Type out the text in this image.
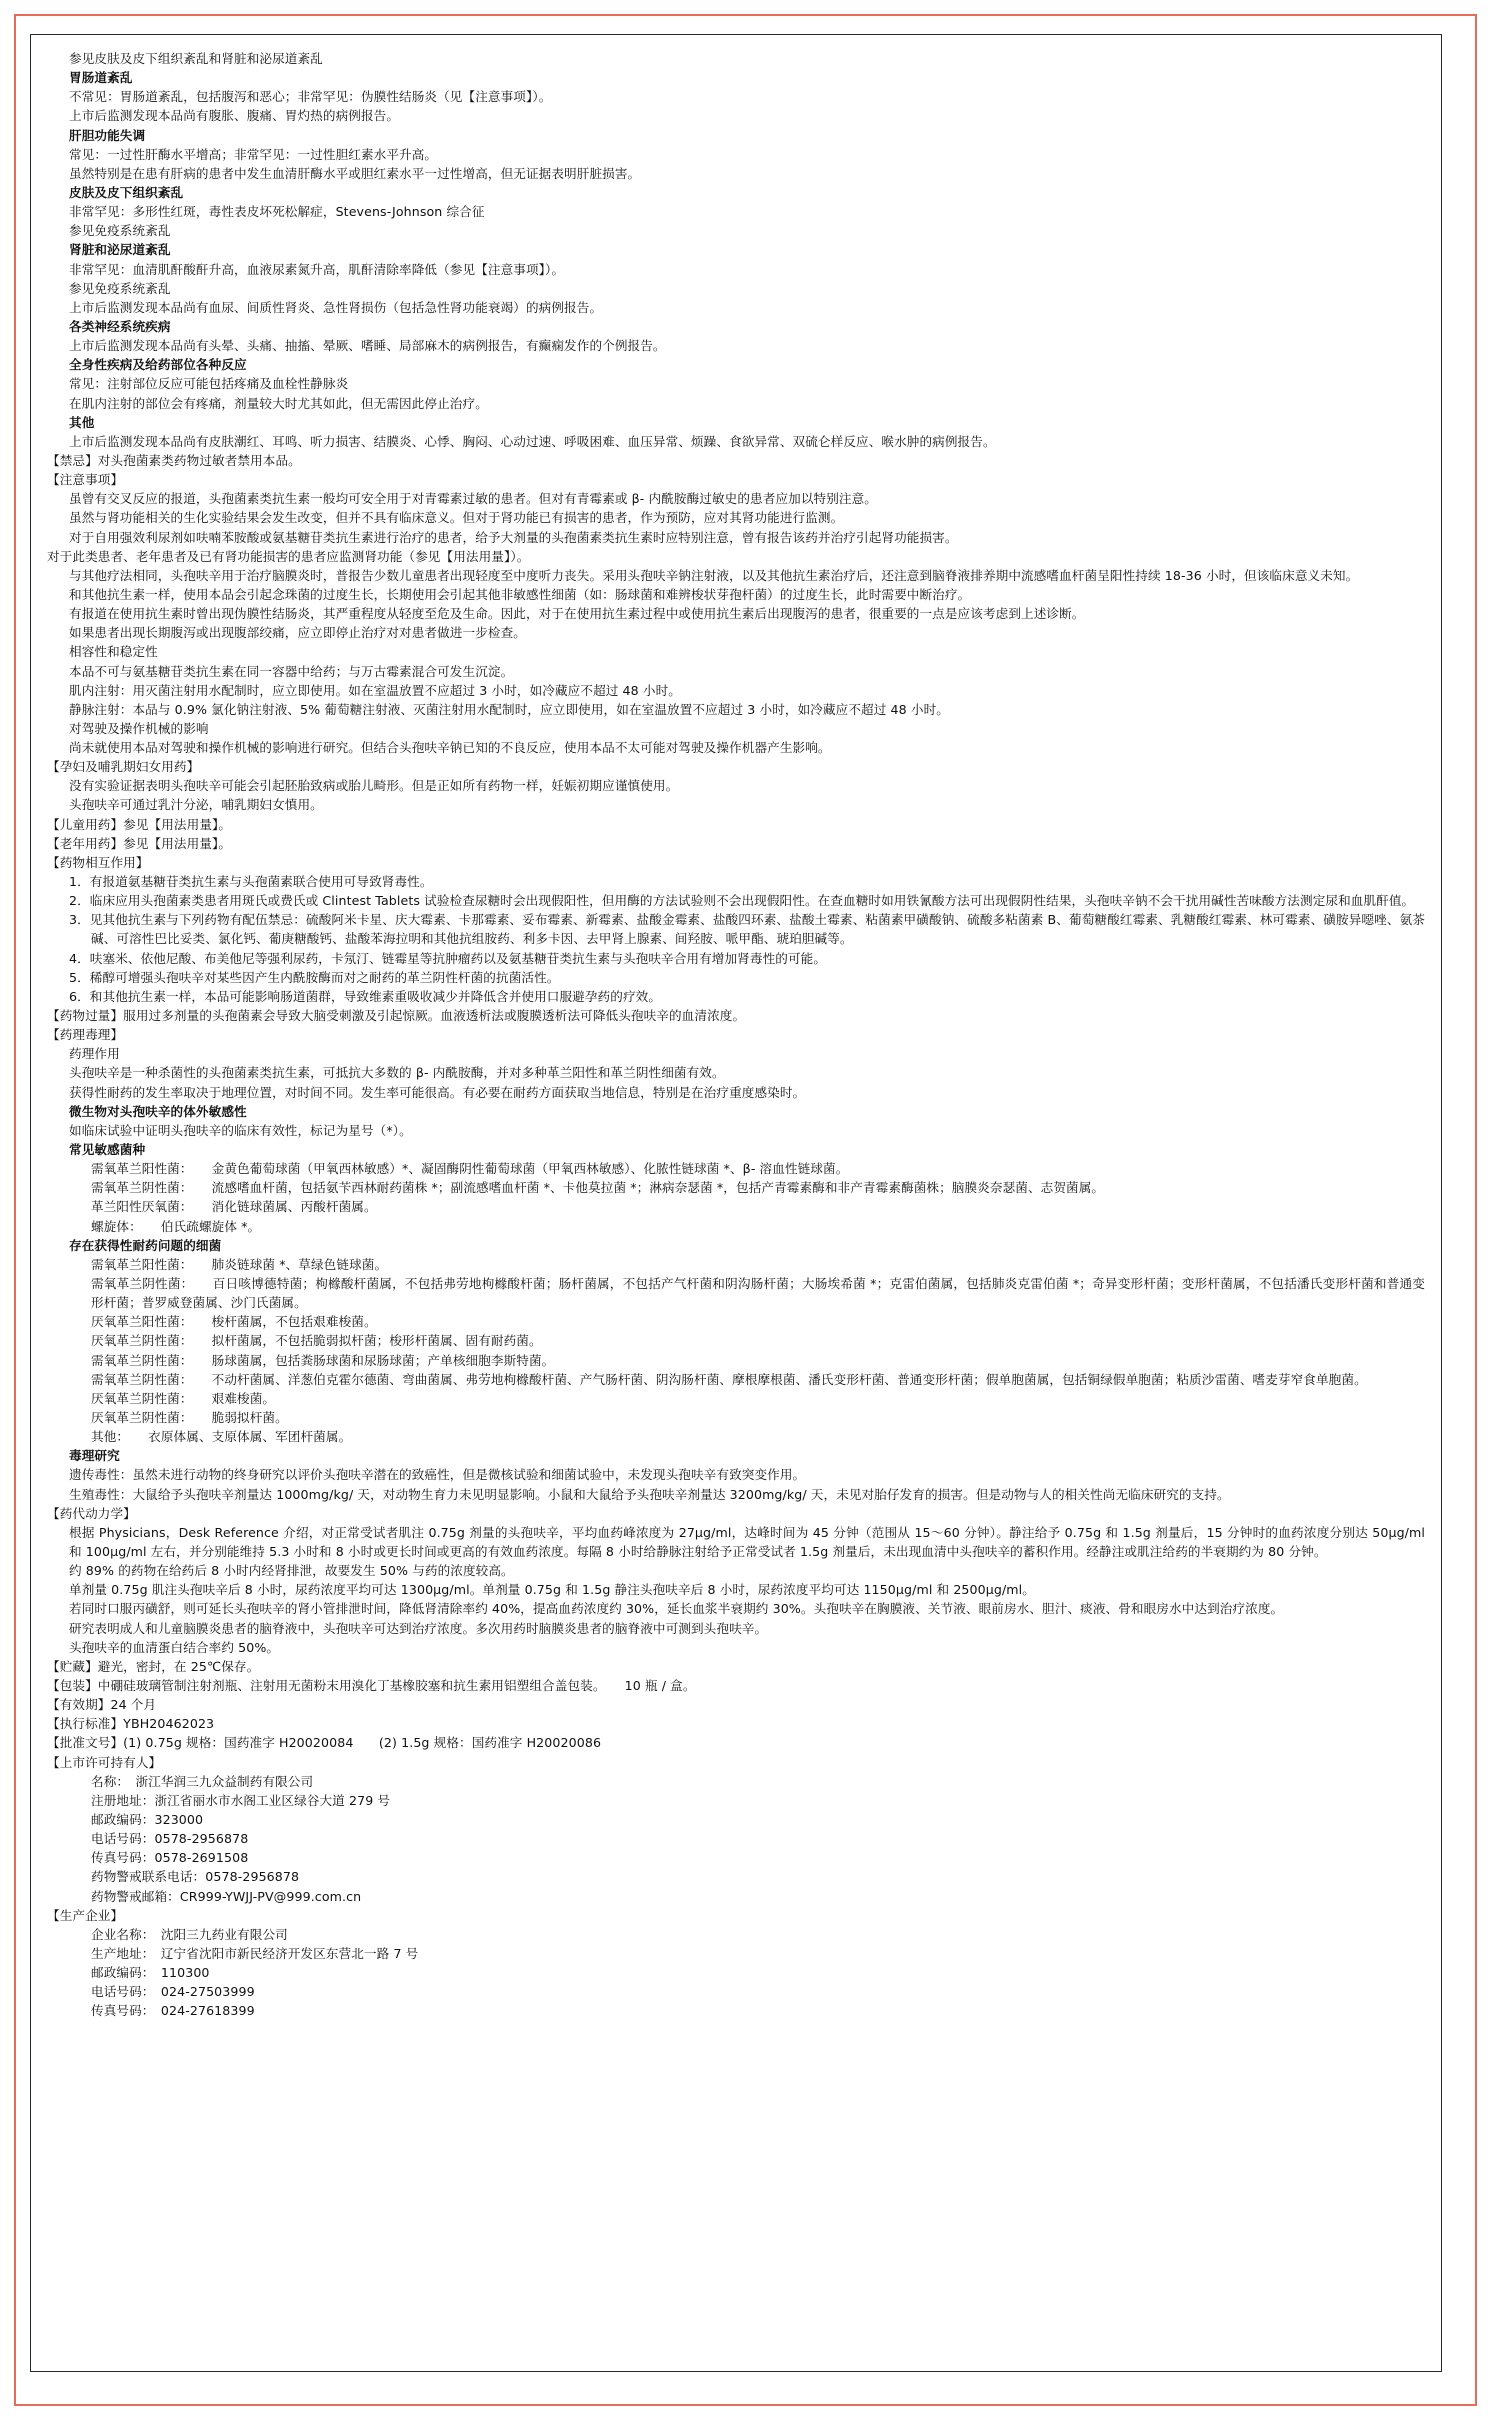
参见皮肤及皮下组织紊乱和肾脏和泌尿道紊乱

胃肠道紊乱

不常见：胃肠道紊乱，包括腹泻和恶心；非常罕见：伪膜性结肠炎（见【注意事项】）。

上市后监测发现本品尚有腹胀、腹痛、胃灼热的病例报告。

肝胆功能失调

常见：一过性肝酶水平增高；非常罕见：一过性胆红素水平升高。

虽然特别是在患有肝病的患者中发生血清肝酶水平或胆红素水平一过性增高，但无证据表明肝脏损害。

皮肤及皮下组织紊乱

非常罕见：多形性红斑，毒性表皮坏死松解症，Stevens-Johnson 综合征

参见免疫系统紊乱

肾脏和泌尿道紊乱

非常罕见：血清肌酐酸酐升高，血液尿素氮升高，肌酐清除率降低（参见【注意事项】）。

参见免疫系统紊乱

上市后监测发现本品尚有血尿、间质性肾炎、急性肾损伤（包括急性肾功能衰竭）的病例报告。

各类神经系统疾病

上市后监测发现本品尚有头晕、头痛、抽搐、晕厥、嗜睡、局部麻木的病例报告，有癫痫发作的个例报告。

全身性疾病及给药部位各种反应

常见：注射部位反应可能包括疼痛及血栓性静脉炎

在肌内注射的部位会有疼痛，剂量较大时尤其如此，但无需因此停止治疗。

其他

上市后监测发现本品尚有皮肤潮红、耳鸣、听力损害、结膜炎、心悸、胸闷、心动过速、呼吸困难、血压异常、烦躁、食欲异常、双硫仑样反应、喉水肿的病例报告。

【禁忌】对头孢菌素类药物过敏者禁用本品。

【注意事项】

虽曾有交叉反应的报道，头孢菌素类抗生素一般均可安全用于对青霉素过敏的患者。但对有青霉素或 β- 内酰胺酶过敏史的患者应加以特别注意。

虽然与肾功能相关的生化实验结果会发生改变，但并不具有临床意义。但对于肾功能已有损害的患者，作为预防，应对其肾功能进行监测。

对于自用强效利尿剂如呋喃苯胺酸或氨基糖苷类抗生素进行治疗的患者，给予大剂量的头孢菌素类抗生素时应特别注意，曾有报告该药并治疗引起肾功能损害。

对于此类患者、老年患者及已有肾功能损害的患者应监测肾功能（参见【用法用量】）。

与其他疗法相同，头孢呋辛用于治疗脑膜炎时，普报告少数儿童患者出现轻度至中度听力丧失。采用头孢呋辛钠注射液，以及其他抗生素治疗后，还注意到脑脊液排养期中流感嗜血杆菌呈阳性持续 18-36 小时，但该临床意义未知。

和其他抗生素一样，使用本品会引起念珠菌的过度生长，长期使用会引起其他非敏感性细菌（如：肠球菌和难辨梭状芽孢杆菌）的过度生长，此时需要中断治疗。

有报道在使用抗生素时曾出现伪膜性结肠炎，其严重程度从轻度至危及生命。因此，对于在使用抗生素过程中或使用抗生素后出现腹泻的患者，很重要的一点是应该考虑到上述诊断。

如果患者出现长期腹泻或出现腹部绞痛，应立即停止治疗对对患者做进一步检查。

相容性和稳定性

本品不可与氨基糖苷类抗生素在同一容器中给药；与万古霉素混合可发生沉淀。

肌内注射：用灭菌注射用水配制时，应立即使用。如在室温放置不应超过 3 小时，如冷藏应不超过 48 小时。

静脉注射：本品与 0.9% 氯化钠注射液、5% 葡萄糖注射液、灭菌注射用水配制时，应立即使用，如在室温放置不应超过 3 小时，如冷藏应不超过 48 小时。

对驾驶及操作机械的影响

尚未就使用本品对驾驶和操作机械的影响进行研究。但结合头孢呋辛钠已知的不良反应，使用本品不太可能对驾驶及操作机器产生影响。

【孕妇及哺乳期妇女用药】

没有实验证据表明头孢呋辛可能会引起胚胎致病或胎儿畸形。但是正如所有药物一样，妊娠初期应谨慎使用。

头孢呋辛可通过乳汁分泌，哺乳期妇女慎用。

【儿童用药】参见【用法用量】。

【老年用药】参见【用法用量】。

【药物相互作用】

1．有报道氨基糖苷类抗生素与头孢菌素联合使用可导致肾毒性。

2．临床应用头孢菌素类患者用斑氏或费氏或 Clintest Tablets 试验检查尿糖时会出现假阳性，但用酶的方法试验则不会出现假阳性。在查血糖时如用铁氰酸方法可出现假阴性结果，头孢呋辛钠不会干扰用碱性苦味酸方法测定尿和血肌酐值。

3．见其他抗生素与下列药物有配伍禁忌：硫酸阿米卡星、庆大霉素、卡那霉素、妥布霉素、新霉素、盐酸金霉素、盐酸四环素、盐酸土霉素、粘菌素甲磺酸钠、硫酸多粘菌素 B、葡萄糖酸红霉素、乳糖酸红霉素、林可霉素、磺胺异噁唑、氨茶碱、可溶性巴比妥类、氯化钙、葡庚糖酸钙、盐酸苯海拉明和其他抗组胺药、利多卡因、去甲肾上腺素、间羟胺、哌甲酯、琥珀胆碱等。

4．呋塞米、依他尼酸、布美他尼等强利尿药，卡氖汀、链霉星等抗肿瘤药以及氨基糖苷类抗生素与头孢呋辛合用有增加肾毒性的可能。

5．稀醇可增强头孢呋辛对某些因产生内酰胺酶而对之耐药的革兰阴性杆菌的抗菌活性。

6．和其他抗生素一样，本品可能影响肠道菌群，导致维素重吸收减少并降低含并使用口服避孕药的疗效。

【药物过量】服用过多剂量的头孢菌素会导致大脑受刺激及引起惊厥。血液透析法或腹膜透析法可降低头孢呋辛的血清浓度。

【药理毒理】

药理作用

头孢呋辛是一种杀菌性的头孢菌素类抗生素，可抵抗大多数的 β- 内酰胺酶，并对多种革兰阳性和革兰阴性细菌有效。

获得性耐药的发生率取决于地理位置，对时间不同。发生率可能很高。有必要在耐药方面获取当地信息，特别是在治疗重度感染时。

微生物对头孢呋辛的体外敏感性

如临床试验中证明头孢呋辛的临床有效性，标记为星号（*）。

常见敏感菌种

需氧革兰阳性菌：　　金黄色葡萄球菌（甲氧西林敏感）*、凝固酶阴性葡萄球菌（甲氧西林敏感）、化脓性链球菌 *、β- 溶血性链球菌。

需氧革兰阴性菌：　　流感嗜血杆菌，包括氨苄西林耐药菌株 *；副流感嗜血杆菌 *、卡他莫拉菌 *；淋病奈瑟菌 *，包括产青霉素酶和非产青霉素酶菌株；脑膜炎奈瑟菌、志贺菌属。

革兰阳性厌氧菌：　　消化链球菌属、丙酸杆菌属。

螺旋体：　　伯氏疏螺旋体 *。

存在获得性耐药问题的细菌

需氧革兰阳性菌：　　肺炎链球菌 *、草绿色链球菌。

需氧革兰阴性菌：　　百日咳博德特菌；枸橼酸杆菌属，不包括弗劳地枸橼酸杆菌；肠杆菌属，不包括产气杆菌和阴沟肠杆菌；大肠埃希菌 *；克雷伯菌属，包括肺炎克雷伯菌 *；奇异变形杆菌；变形杆菌属，不包括潘氏变形杆菌和普通变形杆菌；普罗威登菌属、沙门氏菌属。

厌氧革兰阳性菌：　　梭杆菌属，不包括艰难梭菌。

厌氧革兰阴性菌：　　拟杆菌属，不包括脆弱拟杆菌；梭形杆菌属、固有耐药菌。

需氧革兰阴性菌：　　肠球菌属，包括粪肠球菌和尿肠球菌；产单核细胞李斯特菌。

需氧革兰阴性菌：　　不动杆菌属、洋葱伯克霍尔德菌、弯曲菌属、弗劳地枸橼酸杆菌、产气肠杆菌、阴沟肠杆菌、摩根摩根菌、潘氏变形杆菌、普通变形杆菌；假单胞菌属，包括铜绿假单胞菌；粘质沙雷菌、嗜麦芽窄食单胞菌。

厌氧革兰阴性菌：　　艰难梭菌。

厌氧革兰阴性菌：　　脆弱拟杆菌。

其他：　　衣原体属、支原体属、军团杆菌属。

毒理研究

遗传毒性：虽然未进行动物的终身研究以评价头孢呋辛潜在的致癌性，但是微核试验和细菌试验中，未发现头孢呋辛有致突变作用。

生殖毒性：大鼠给予头孢呋辛剂量达 1000mg/kg/ 天，对动物生育力未见明显影响。小鼠和大鼠给予头孢呋辛剂量达 3200mg/kg/ 天，未见对胎仔发育的损害。但是动物与人的相关性尚无临床研究的支持。

【药代动力学】

根据 Physicians，Desk Reference 介绍，对正常受试者肌注 0.75g 剂量的头孢呋辛，平均血药峰浓度为 27μg/ml，达峰时间为 45 分钟（范围从 15～60 分钟）。静注给予 0.75g 和 1.5g 剂量后，15 分钟时的血药浓度分别达 50μg/ml 和 100μg/ml 左右，并分别能维持 5.3 小时和 8 小时或更长时间或更高的有效血药浓度。每隔 8 小时给静脉注射给予正常受试者 1.5g 剂量后，未出现血清中头孢呋辛的蓄积作用。经静注或肌注给药的半衰期约为 80 分钟。

约 89% 的药物在给药后 8 小时内经肾排泄，故要发生 50% 与药的浓度较高。

单剂量 0.75g 肌注头孢呋辛后 8 小时，尿药浓度平均可达 1300μg/ml。单剂量 0.75g 和 1.5g 静注头孢呋辛后 8 小时，尿药浓度平均可达 1150μg/ml 和 2500μg/ml。

若同时口服丙磺舒，则可延长头孢呋辛的肾小管排泄时间，降低肾清除率约 40%，提高血药浓度约 30%，延长血浆半衰期约 30%。头孢呋辛在胸膜液、关节液、眼前房水、胆汁、痰液、骨和眼房水中达到治疗浓度。

研究表明成人和儿童脑膜炎患者的脑脊液中，头孢呋辛可达到治疗浓度。多次用药时脑膜炎患者的脑脊液中可测到头孢呋辛。

头孢呋辛的血清蛋白结合率约 50%。

【贮藏】避光，密封，在 25℃保存。

【包装】中硼硅玻璃管制注射剂瓶、注射用无菌粉末用溴化丁基橡胶塞和抗生素用铝塑组合盖包装。　　10 瓶 / 盒。

【有效期】24 个月

【执行标准】YBH20462023

【批准文号】(1) 0.75g 规格：国药准字 H20020084　　(2) 1.5g 规格：国药准字 H20020086

【上市许可持有人】

名称：　浙江华润三九众益制药有限公司

注册地址：浙江省丽水市水阁工业区绿谷大道 279 号

邮政编码：323000

电话号码：0578-2956878

传真号码：0578-2691508

药物警戒联系电话：0578-2956878

药物警戒邮箱：CR999-YWJJ-PV@999.com.cn

【生产企业】

企业名称：　沈阳三九药业有限公司

生产地址：　辽宁省沈阳市新民经济开发区东营北一路 7 号

邮政编码：　110300

电话号码：　024-27503999

传真号码：　024-27618399
